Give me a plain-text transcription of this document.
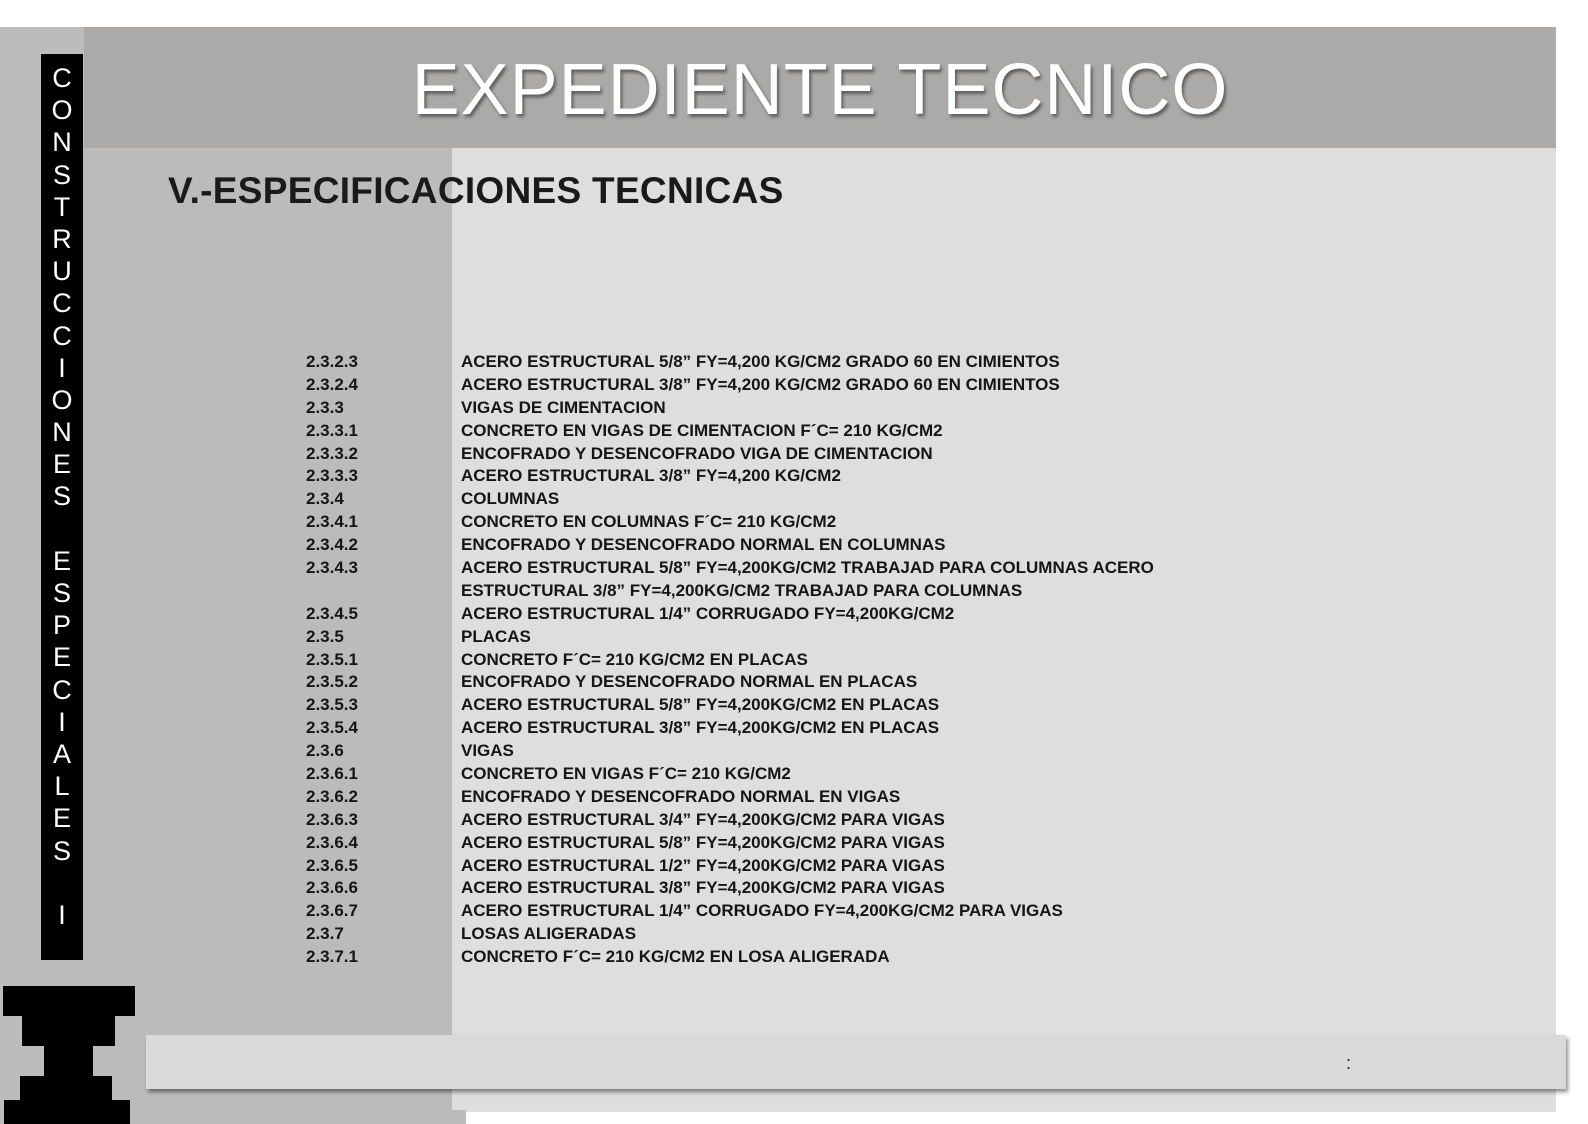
EXPEDIENTE TECNICO
C
O
N
S
T
R
U
C
C
I
O
N
E
S

E
S
P
E
C
I
A
L
E
S

I
V.-ESPECIFICACIONES TECNICAS
2.3.2.3	ACERO ESTRUCTURAL 5/8” FY=4,200 KG/CM2 GRADO 60 EN CIMIENTOS
2.3.2.4	ACERO ESTRUCTURAL 3/8” FY=4,200 KG/CM2 GRADO 60 EN CIMIENTOS
2.3.3	VIGAS DE CIMENTACION
2.3.3.1	CONCRETO EN VIGAS DE CIMENTACION F´C= 210 KG/CM2
2.3.3.2	ENCOFRADO Y DESENCOFRADO VIGA DE CIMENTACION
2.3.3.3	ACERO ESTRUCTURAL 3/8” FY=4,200 KG/CM2
2.3.4	COLUMNAS
2.3.4.1	CONCRETO EN COLUMNAS F´C= 210 KG/CM2
2.3.4.2	ENCOFRADO Y DESENCOFRADO NORMAL EN COLUMNAS
2.3.4.3	ACERO ESTRUCTURAL 5/8” FY=4,200KG/CM2 TRABAJAD PARA COLUMNAS ACERO
ESTRUCTURAL 3/8” FY=4,200KG/CM2 TRABAJAD PARA COLUMNAS
2.3.4.5	ACERO ESTRUCTURAL 1/4” CORRUGADO FY=4,200KG/CM2
2.3.5	PLACAS
2.3.5.1	CONCRETO F´C= 210 KG/CM2 EN PLACAS
2.3.5.2	ENCOFRADO Y DESENCOFRADO NORMAL EN PLACAS
2.3.5.3	ACERO ESTRUCTURAL 5/8” FY=4,200KG/CM2 EN PLACAS
2.3.5.4	ACERO ESTRUCTURAL 3/8” FY=4,200KG/CM2 EN PLACAS
2.3.6	VIGAS
2.3.6.1	CONCRETO EN VIGAS F´C= 210 KG/CM2
2.3.6.2	ENCOFRADO Y DESENCOFRADO NORMAL EN VIGAS
2.3.6.3	ACERO ESTRUCTURAL 3/4” FY=4,200KG/CM2 PARA VIGAS
2.3.6.4	ACERO ESTRUCTURAL 5/8” FY=4,200KG/CM2 PARA VIGAS
2.3.6.5	ACERO ESTRUCTURAL 1/2” FY=4,200KG/CM2 PARA VIGAS
2.3.6.6	ACERO ESTRUCTURAL 3/8” FY=4,200KG/CM2 PARA VIGAS
2.3.6.7	ACERO ESTRUCTURAL 1/4” CORRUGADO FY=4,200KG/CM2 PARA VIGAS
2.3.7	LOSAS ALIGERADAS
2.3.7.1	CONCRETO F´C= 210 KG/CM2 EN LOSA ALIGERADA
:
